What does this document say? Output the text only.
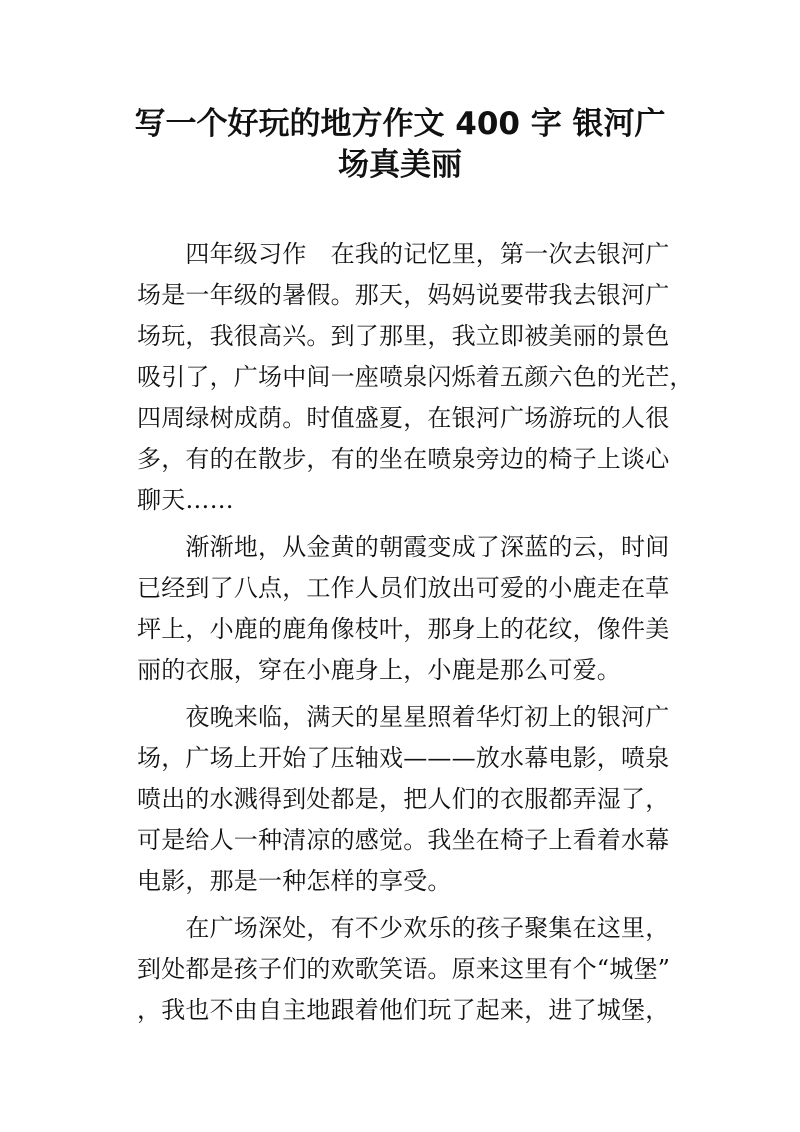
写一个好玩的地方作文 400 字 银河广
场真美丽

　　四年级习作　在我的记忆里，第一次去银河广

场是一年级的暑假。那天，妈妈说要带我去银河广

场玩，我很高兴。到了那里，我立即被美丽的景色

吸引了，广场中间一座喷泉闪烁着五颜六色的光芒，

四周绿树成荫。时值盛夏，在银河广场游玩的人很

多，有的在散步，有的坐在喷泉旁边的椅子上谈心

聊天……

　　渐渐地，从金黄的朝霞变成了深蓝的云，时间

已经到了八点，工作人员们放出可爱的小鹿走在草

坪上，小鹿的鹿角像枝叶，那身上的花纹，像件美

丽的衣服，穿在小鹿身上，小鹿是那么可爱。

　　夜晚来临，满天的星星照着华灯初上的银河广

场，广场上开始了压轴戏———放水幕电影，喷泉

喷出的水溅得到处都是，把人们的衣服都弄湿了，

可是给人一种清凉的感觉。我坐在椅子上看着水幕

电影，那是一种怎样的享受。

　　在广场深处，有不少欢乐的孩子聚集在这里，

到处都是孩子们的欢歌笑语。原来这里有个“城堡”

，我也不由自主地跟着他们玩了起来，进了城堡，
